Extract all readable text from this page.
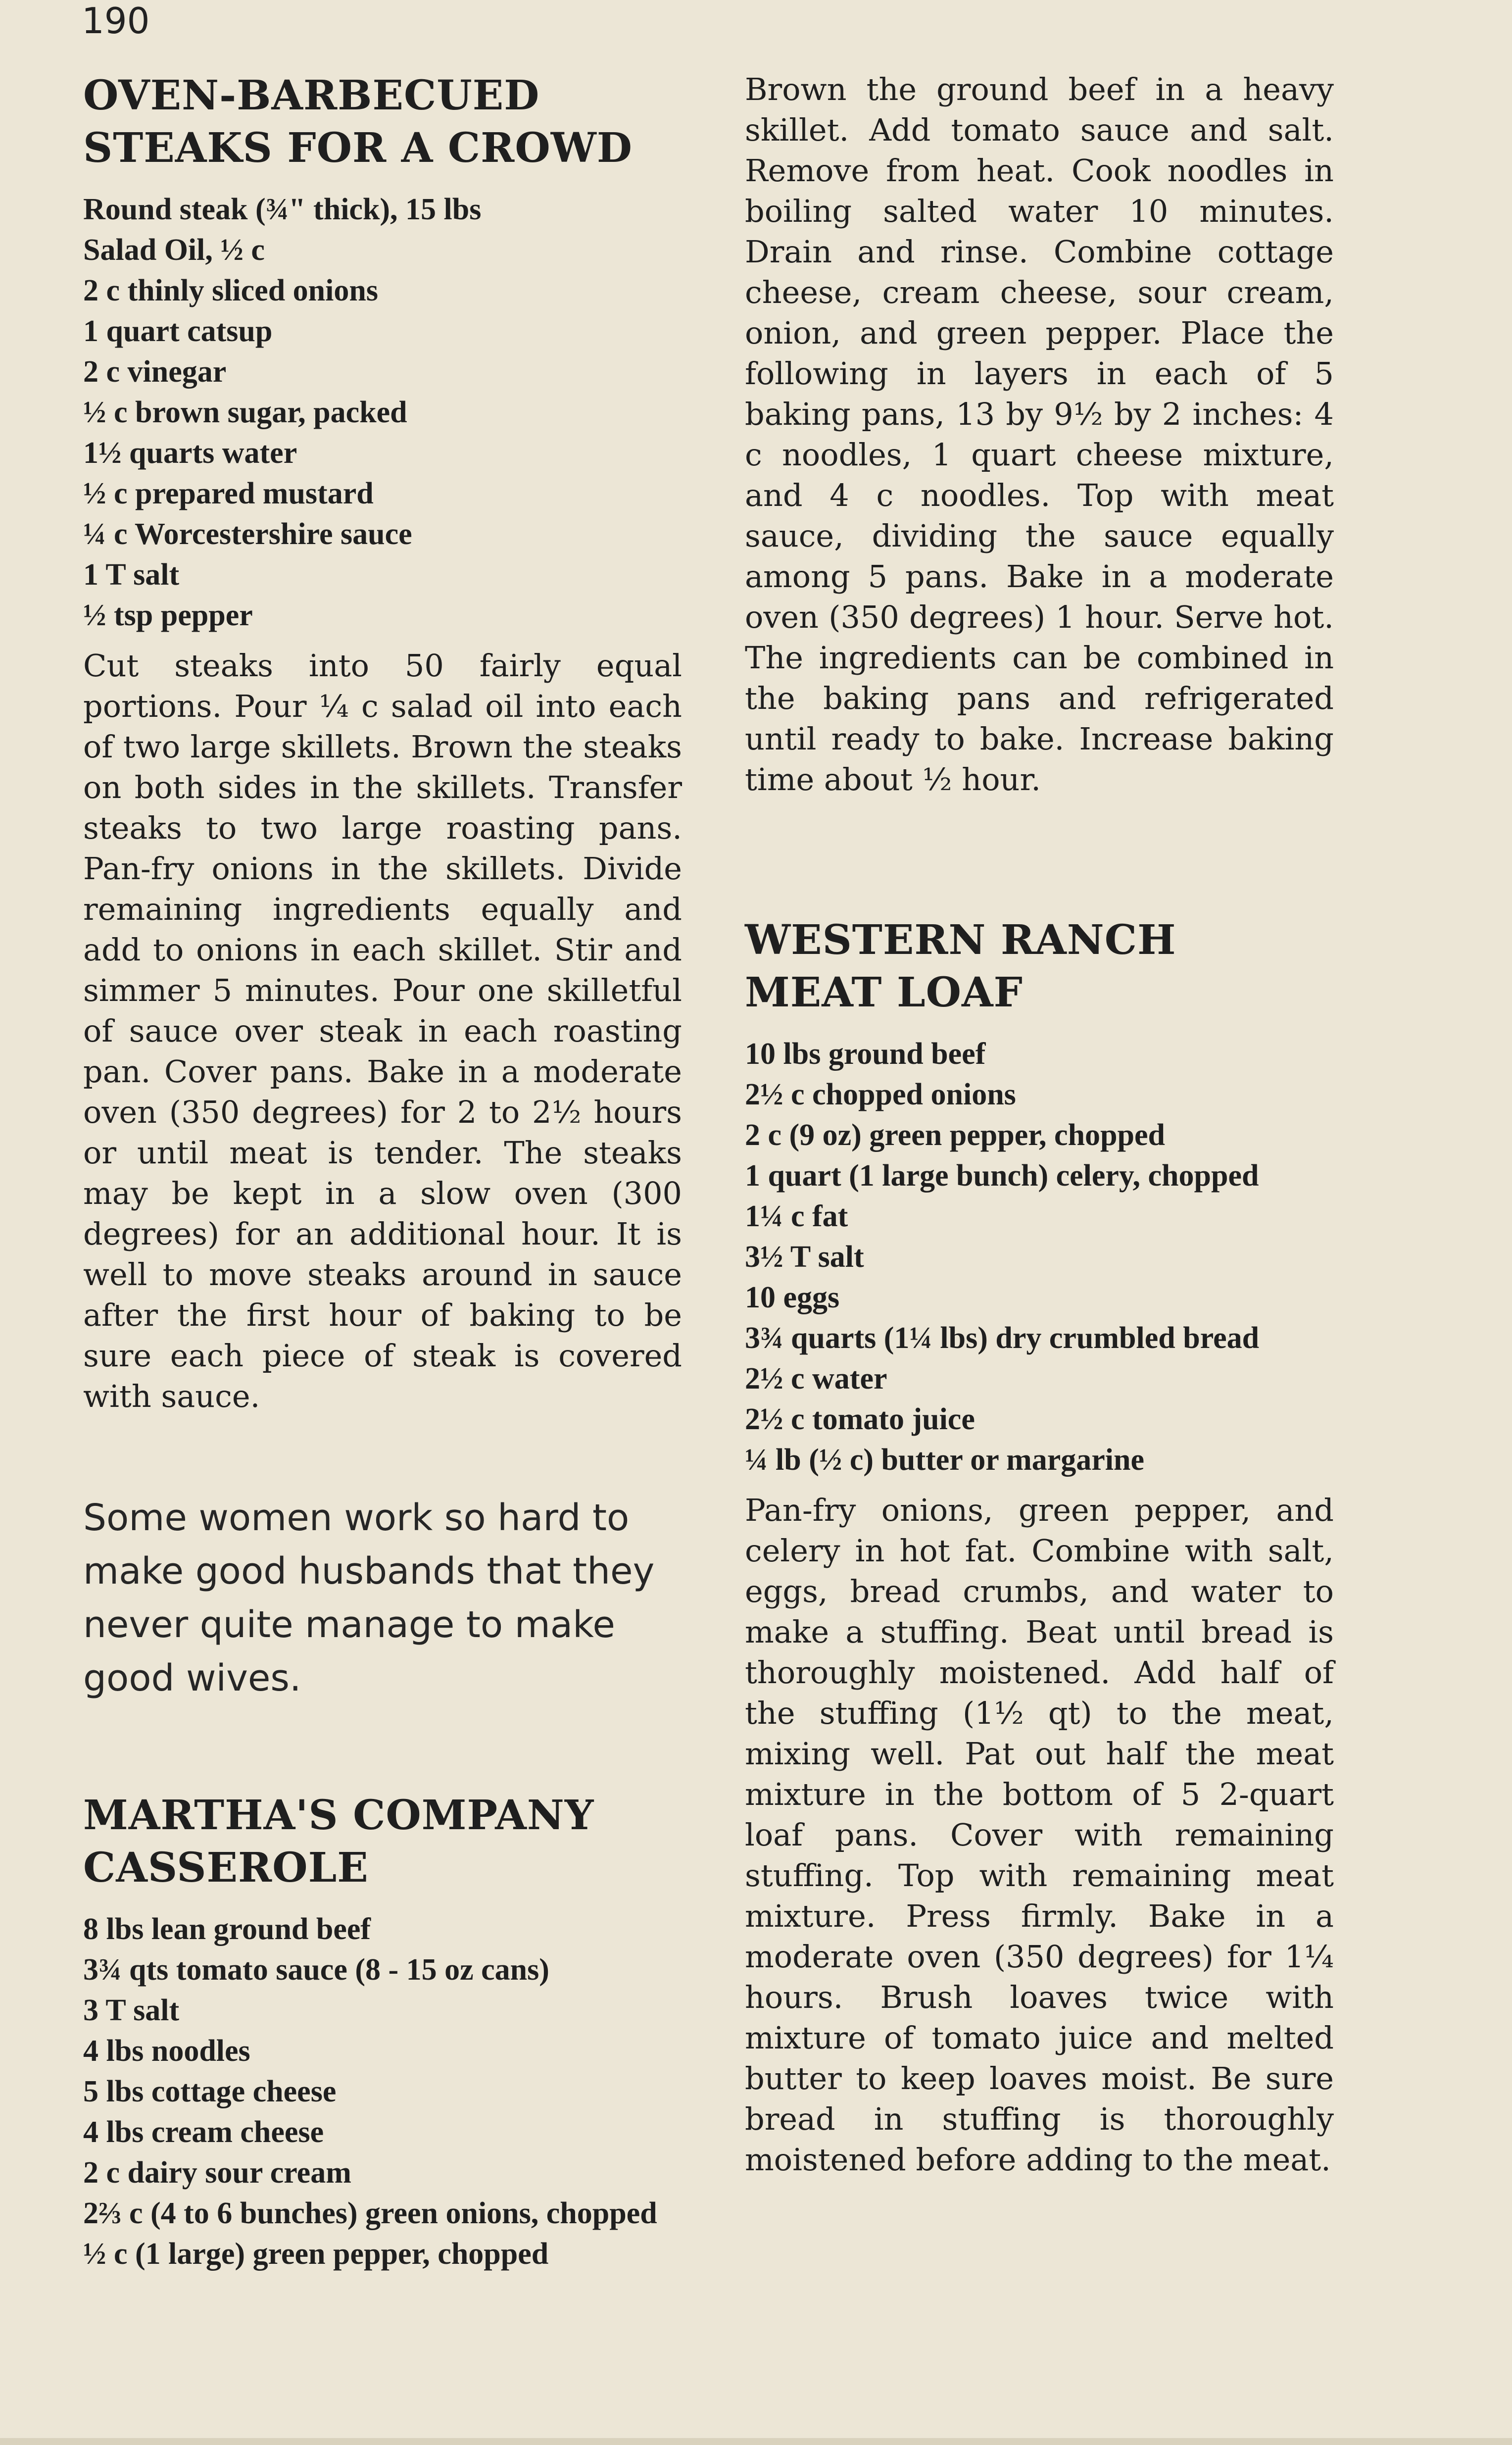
190
OVEN-BARBECUED
STEAKS FOR A CROWD
Round steak (¾" thick), 15 lbs
Salad Oil, ½ c
2 c thinly sliced onions
1 quart catsup
2 c vinegar
½ c brown sugar, packed
1½ quarts water
½ c prepared mustard
¼ c Worcestershire sauce
1 T salt
½ tsp pepper

Cut steaks into 50 fairly equal portions. Pour ¼ c salad oil into each of two large skillets. Brown the steaks on both sides in the skillets. Transfer steaks to two large roasting pans. Pan-fry onions in the skillets. Divide remaining ingredients equally and add to onions in each skillet. Stir and simmer 5 minutes. Pour one skilletful of sauce over steak in each roasting pan. Cover pans. Bake in a moderate oven (350 degrees) for 2 to 2½ hours or until meat is tender. The steaks may be kept in a slow oven (300 degrees) for an additional hour. It is well to move steaks around in sauce after the first hour of baking to be sure each piece of steak is covered with sauce.

Some women work so hard to make good husbands that they never quite manage to make good wives.

MARTHA'S COMPANY
CASSEROLE
8 lbs lean ground beef
3¾ qts tomato sauce (8 - 15 oz cans)
3 T salt
4 lbs noodles
5 lbs cottage cheese
4 lbs cream cheese
2 c dairy sour cream
2⅔ c (4 to 6 bunches) green onions, chopped
½ c (1 large) green pepper, chopped

Brown the ground beef in a heavy skillet. Add tomato sauce and salt. Remove from heat. Cook noodles in boiling salted water 10 minutes. Drain and rinse. Combine cottage cheese, cream cheese, sour cream, onion, and green pepper. Place the following in layers in each of 5 baking pans, 13 by 9½ by 2 inches: 4 c noodles, 1 quart cheese mixture, and 4 c noodles. Top with meat sauce, dividing the sauce equally among 5 pans. Bake in a moderate oven (350 degrees) 1 hour. Serve hot. The ingredients can be combined in the baking pans and refrigerated until ready to bake. Increase baking time about ½ hour.

WESTERN RANCH
MEAT LOAF
10 lbs ground beef
2½ c chopped onions
2 c (9 oz) green pepper, chopped
1 quart (1 large bunch) celery, chopped
1¼ c fat
3½ T salt
10 eggs
3¾ quarts (1¼ lbs) dry crumbled bread
2½ c water
2½ c tomato juice
¼ lb (½ c) butter or margarine

Pan-fry onions, green pepper, and celery in hot fat. Combine with salt, eggs, bread crumbs, and water to make a stuffing. Beat until bread is thoroughly moistened. Add half of the stuffing (1½ qt) to the meat, mixing well. Pat out half the meat mixture in the bottom of 5 2-quart loaf pans. Cover with remaining stuffing. Top with remaining meat mixture. Press firmly. Bake in a moderate oven (350 degrees) for 1¼ hours. Brush loaves twice with mixture of tomato juice and melted butter to keep loaves moist. Be sure bread in stuffing is thoroughly moistened before adding to the meat.
